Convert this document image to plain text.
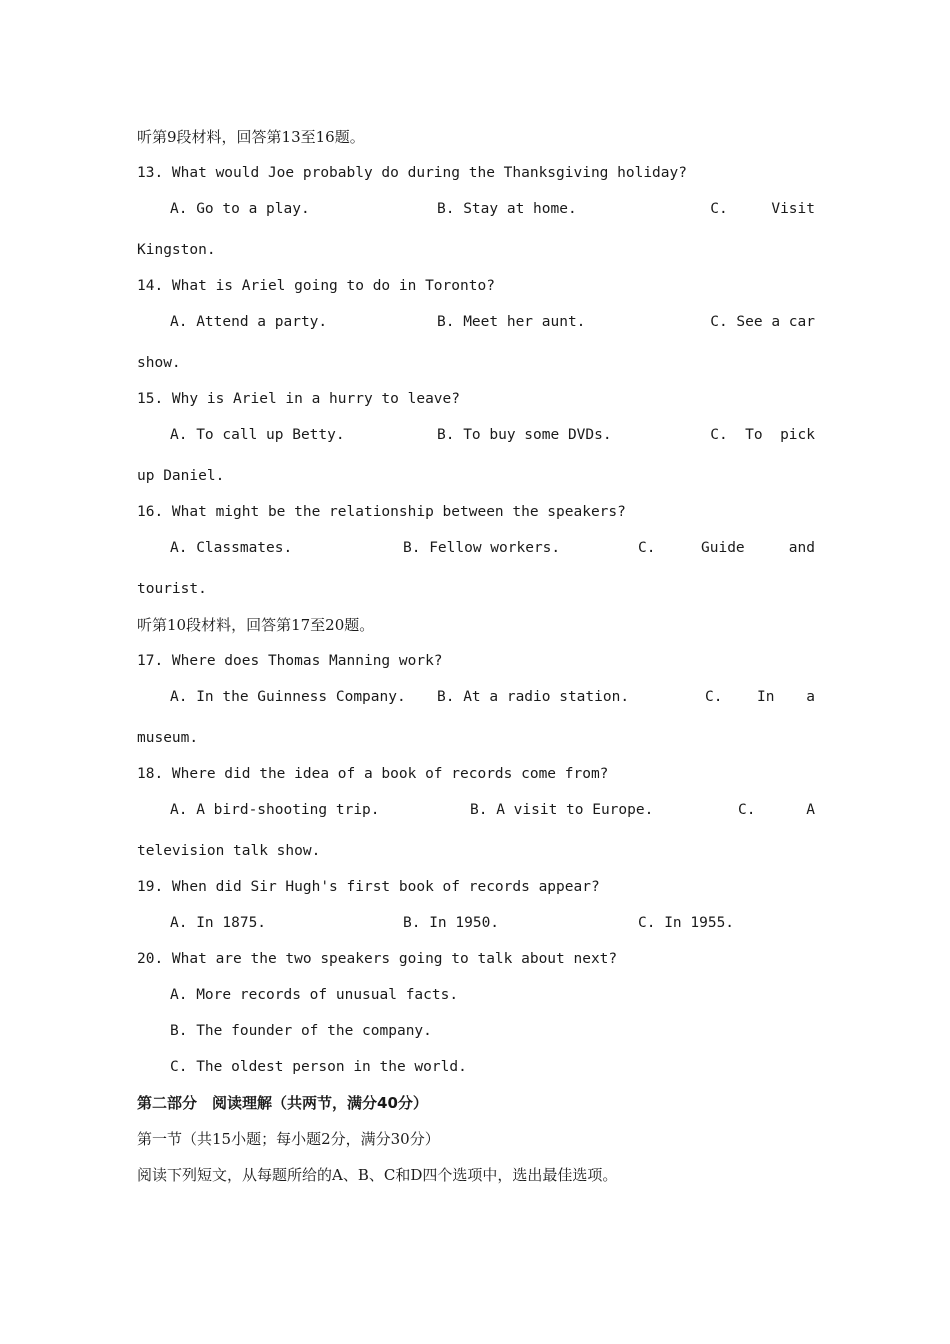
听第9段材料，回答第13至16题。
13. What would Joe probably do during the Thanksgiving holiday?
A. Go to a play.	B. Stay at home.	C.     Visit
Kingston.
14. What is Ariel going to do in Toronto?
A. Attend a party.	B. Meet her aunt.	C. See a car
show.
15. Why is Ariel in a hurry to leave?
A. To call up Betty.	B. To buy some DVDs.	C.  To  pick
up Daniel.
16. What might be the relationship between the speakers?
A. Classmates.	B. Fellow workers.	C.	Guide	and
tourist.
听第10段材料，回答第17至20题。
17. Where does Thomas Manning work?
A. In the Guinness Company. B. At a radio station.	C. In a
museum.
18. Where did the idea of a book of records come from?
A. A bird-shooting trip.	B. A visit to Europe.	C.	A
television talk show.
19. When did Sir Hugh's first book of records appear?
A. In 1875.	B. In 1950.	C. In 1955.
20. What are the two speakers going to talk about next?
A. More records of unusual facts.
B. The founder of the company.
C. The oldest person in the world.
第二部分　阅读理解（共两节，满分40分）
第一节（共15小题；每小题2分，满分30分）
阅读下列短文，从每题所给的A、B、C和D四个选项中，选出最佳选项。
